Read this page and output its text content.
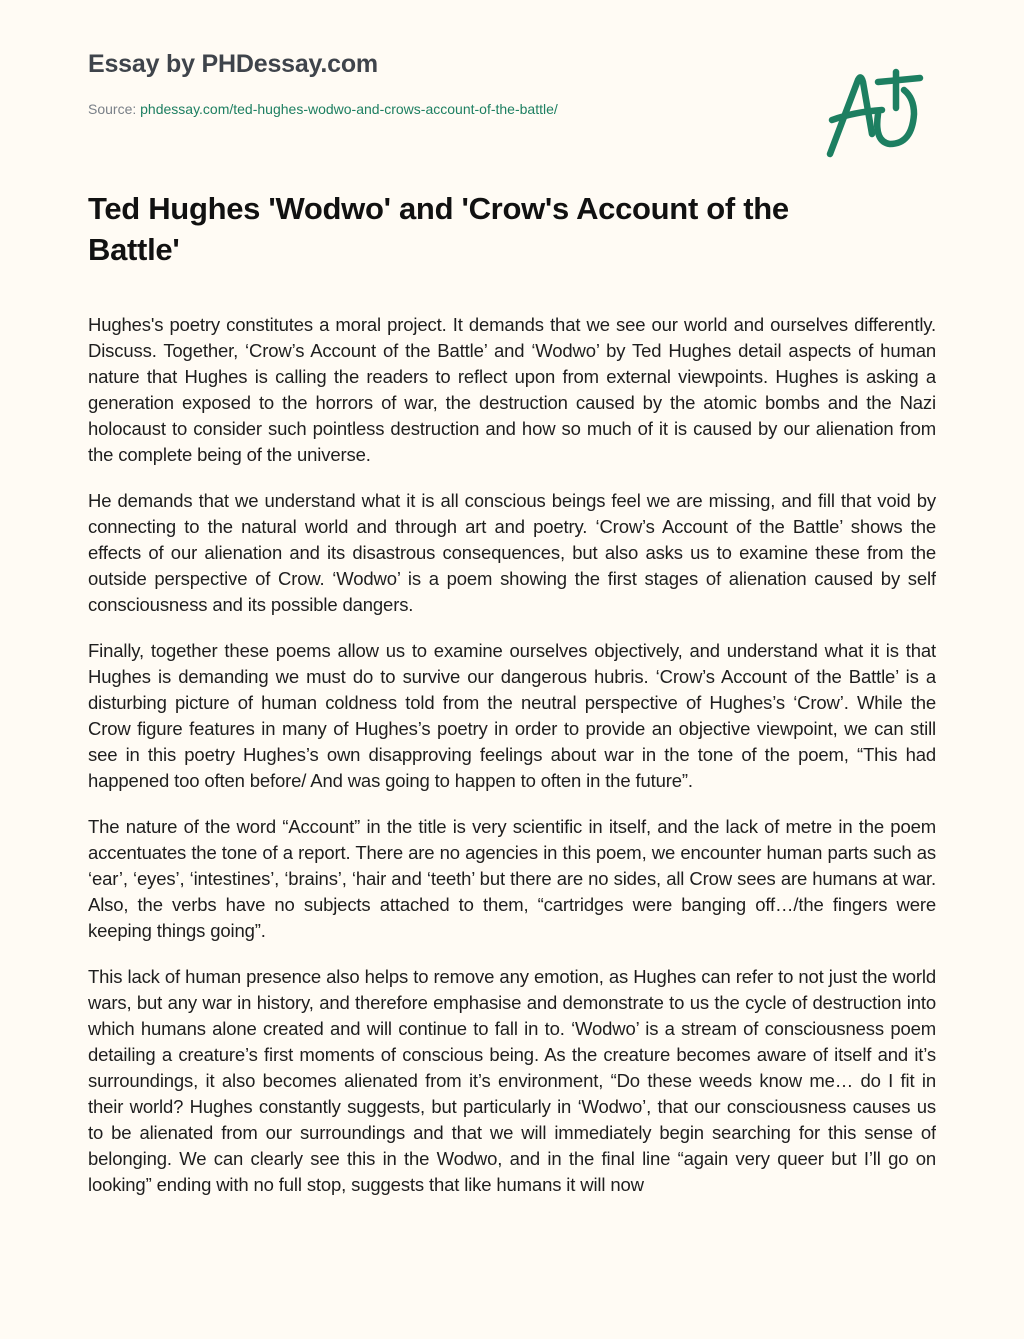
Essay by PHDessay.com
Source: phdessay.com/ted-hughes-wodwo-and-crows-account-of-the-battle/
Ted Hughes 'Wodwo' and 'Crow's Account of the Battle'

Hughes's poetry constitutes a moral project. It demands that we see our world and ourselves differently. Discuss. Together, ‘Crow’s Account of the Battle’ and ‘Wodwo’ by Ted Hughes detail aspects of human nature that Hughes is calling the readers to reflect upon from external viewpoints. Hughes is asking a generation exposed to the horrors of war, the destruction caused by the atomic bombs and the Nazi holocaust to consider such pointless destruction and how so much of it is caused by our alienation from the complete being of the universe.

He demands that we understand what it is all conscious beings feel we are missing, and fill that void by connecting to the natural world and through art and poetry. ‘Crow’s Account of the Battle’ shows the effects of our alienation and its disastrous consequences, but also asks us to examine these from the outside perspective of Crow. ‘Wodwo’ is a poem showing the first stages of alienation caused by self consciousness and its possible dangers.

Finally, together these poems allow us to examine ourselves objectively, and understand what it is that Hughes is demanding we must do to survive our dangerous hubris. ‘Crow’s Account of the Battle’ is a disturbing picture of human coldness told from the neutral perspective of Hughes’s ‘Crow’. While the Crow figure features in many of Hughes’s poetry in order to provide an objective viewpoint, we can still see in this poetry Hughes’s own disapproving feelings about war in the tone of the poem, “This had happened too often before/ And was going to happen to often in the future”.

The nature of the word “Account” in the title is very scientific in itself, and the lack of metre in the poem accentuates the tone of a report. There are no agencies in this poem, we encounter human parts such as ‘ear’, ‘eyes’, ‘intestines’, ‘brains’, ‘hair and ‘teeth’ but there are no sides, all Crow sees are humans at war. Also, the verbs have no subjects attached to them, “cartridges were banging off…/the fingers were keeping things going”.

This lack of human presence also helps to remove any emotion, as Hughes can refer to not just the world wars, but any war in history, and therefore emphasise and demonstrate to us the cycle of destruction into which humans alone created and will continue to fall in to. ‘Wodwo’ is a stream of consciousness poem detailing a creature’s first moments of conscious being. As the creature becomes aware of itself and it’s surroundings, it also becomes alienated from it’s environment, “Do these weeds know me… do I fit in their world? Hughes constantly suggests, but particularly in ‘Wodwo’, that our consciousness causes us to be alienated from our surroundings and that we will immediately begin searching for this sense of belonging. We can clearly see this in the Wodwo, and in the final line “again very queer but I’ll go on looking” ending with no full stop, suggests that like humans it will now
